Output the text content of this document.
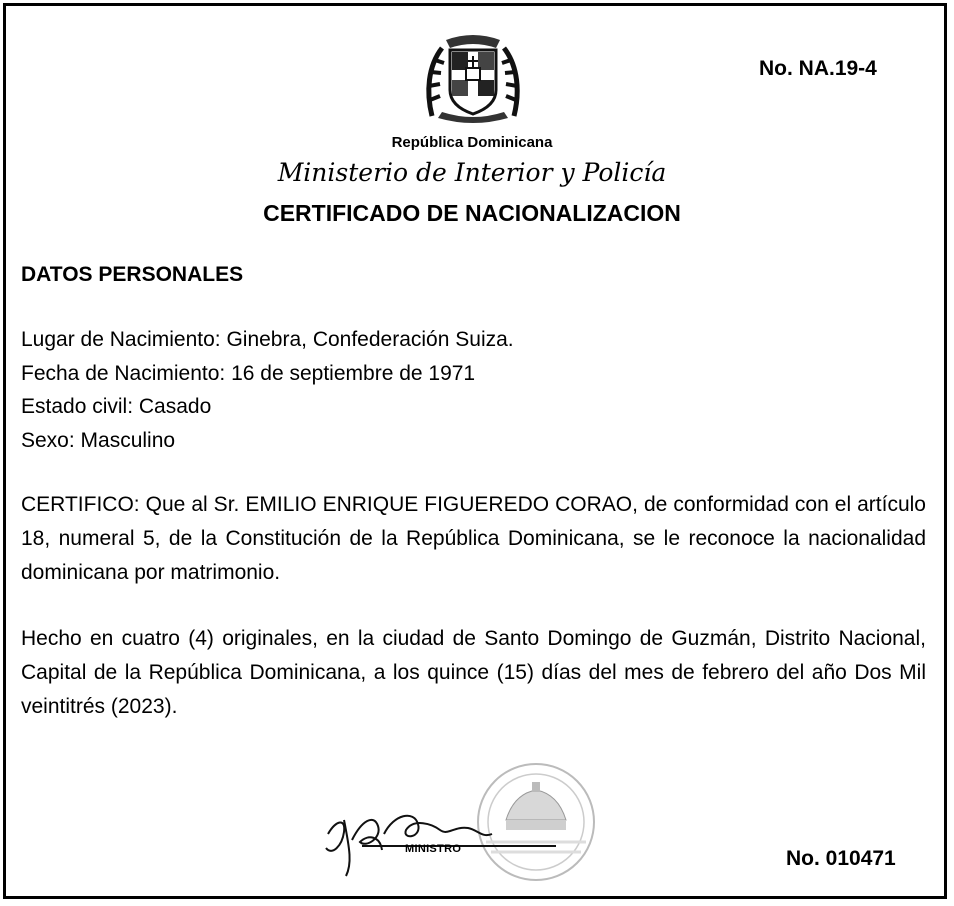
No. NA.19-4
República Dominicana
Ministerio de Interior y Policía
CERTIFICADO DE NACIONALIZACION
DATOS PERSONALES
Lugar de Nacimiento: Ginebra, Confederación Suiza.
Fecha de Nacimiento: 16 de septiembre de 1971
Estado civil: Casado
Sexo: Masculino
CERTIFICO: Que al Sr. EMILIO ENRIQUE FIGUEREDO CORAO, de conformidad con el artículo 18, numeral 5, de la Constitución de la República Dominicana, se le reconoce la nacionalidad dominicana por matrimonio.
Hecho en cuatro (4) originales, en la ciudad de Santo Domingo de Guzmán, Distrito Nacional, Capital de la República Dominicana, a los quince (15) días del mes de febrero del año Dos Mil veintitrés (2023).
MINISTRO	No. 010471
